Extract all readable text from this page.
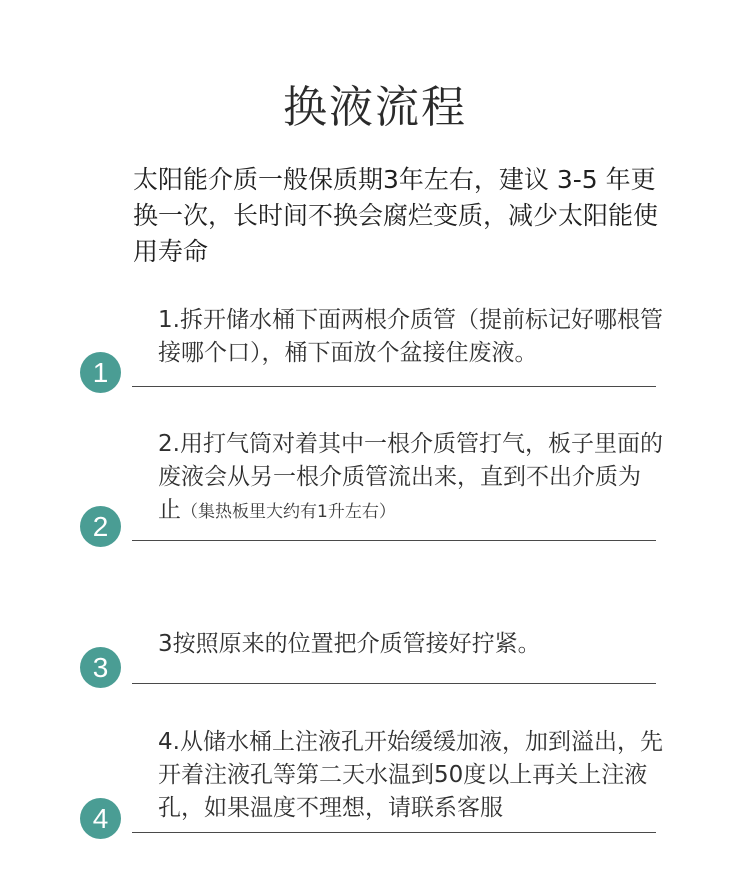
换液流程
太阳能介质一般保质期3年左右，建议 3-5 年更换一次，长时间不换会腐烂变质，减少太阳能使用寿命
1.拆开储水桶下面两根介质管（提前标记好哪根管接哪个口），桶下面放个盆接住废液。
1
2.用打气筒对着其中一根介质管打气，板子里面的废液会从另一根介质管流出来，直到不出介质为止（集热板里大约有1升左右）
2
3按照原来的位置把介质管接好拧紧。
3
4.从储水桶上注液孔开始缓缓加液，加到溢出，先开着注液孔等第二天水温到50度以上再关上注液孔，如果温度不理想，请联系客服
4
